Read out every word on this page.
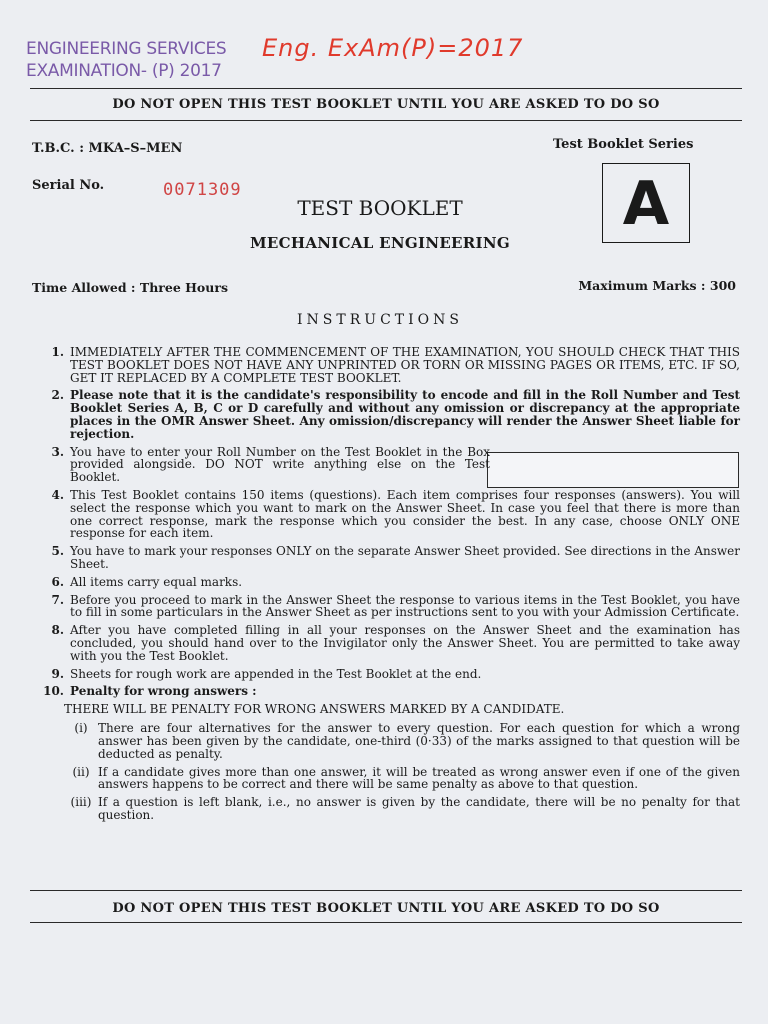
ENGINEERING SERVICES
EXAMINATION- (P) 2017
Eng. ExAm(P)=2017
DO NOT OPEN THIS TEST BOOKLET UNTIL YOU ARE ASKED TO DO SO
T.B.C. : MKA–S–MEN	Test Booklet Series
Serial No.	0071309	A
TEST BOOKLET
MECHANICAL ENGINEERING
Time Allowed : Three Hours	Maximum Marks : 300
INSTRUCTIONS
1. IMMEDIATELY AFTER THE COMMENCEMENT OF THE EXAMINATION, YOU SHOULD CHECK THAT THIS TEST BOOKLET DOES NOT HAVE ANY UNPRINTED OR TORN OR MISSING PAGES OR ITEMS, ETC. IF SO, GET IT REPLACED BY A COMPLETE TEST BOOKLET.
2. Please note that it is the candidate's responsibility to encode and fill in the Roll Number and Test Booklet Series A, B, C or D carefully and without any omission or discrepancy at the appropriate places in the OMR Answer Sheet. Any omission/discrepancy will render the Answer Sheet liable for rejection.
3. You have to enter your Roll Number on the Test Booklet in the Box provided alongside. DO NOT write anything else on the Test Booklet.
4. This Test Booklet contains 150 items (questions). Each item comprises four responses (answers). You will select the response which you want to mark on the Answer Sheet. In case you feel that there is more than one correct response, mark the response which you consider the best. In any case, choose ONLY ONE response for each item.
5. You have to mark your responses ONLY on the separate Answer Sheet provided. See directions in the Answer Sheet.
6. All items carry equal marks.
7. Before you proceed to mark in the Answer Sheet the response to various items in the Test Booklet, you have to fill in some particulars in the Answer Sheet as per instructions sent to you with your Admission Certificate.
8. After you have completed filling in all your responses on the Answer Sheet and the examination has concluded, you should hand over to the Invigilator only the Answer Sheet. You are permitted to take away with you the Test Booklet.
9. Sheets for rough work are appended in the Test Booklet at the end.
10. Penalty for wrong answers :
THERE WILL BE PENALTY FOR WRONG ANSWERS MARKED BY A CANDIDATE.
(i) There are four alternatives for the answer to every question. For each question for which a wrong answer has been given by the candidate, one-third (0·33) of the marks assigned to that question will be deducted as penalty.
(ii) If a candidate gives more than one answer, it will be treated as wrong answer even if one of the given answers happens to be correct and there will be same penalty as above to that question.
(iii) If a question is left blank, i.e., no answer is given by the candidate, there will be no penalty for that question.
DO NOT OPEN THIS TEST BOOKLET UNTIL YOU ARE ASKED TO DO SO
